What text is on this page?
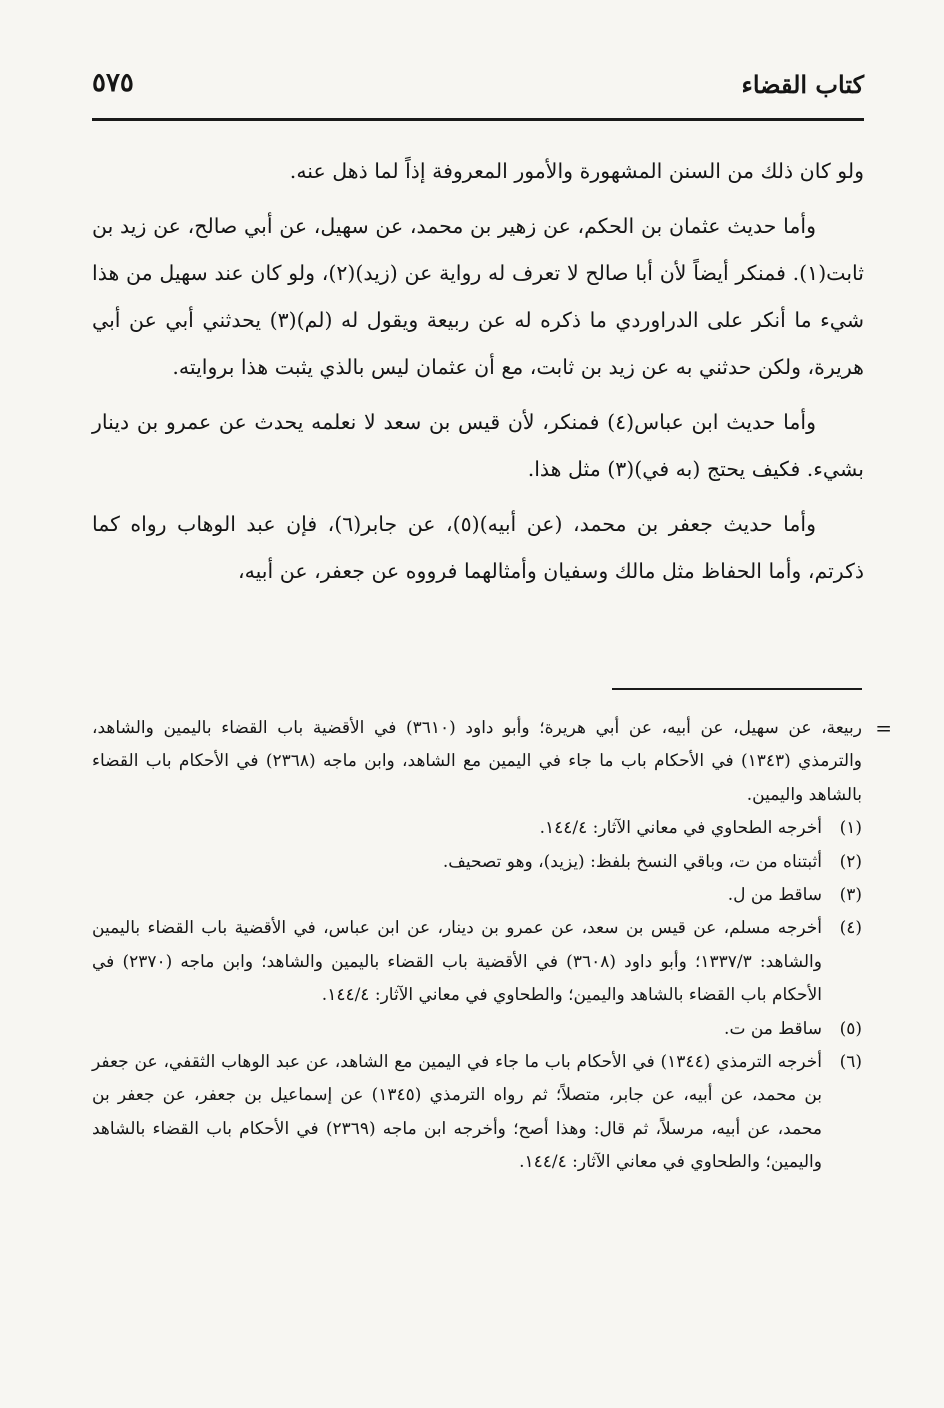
٥٧٥	كتاب القضاء

ولو كان ذلك من السنن المشهورة والأمور المعروفة إذاً لما ذهل عنه.

وأما حديث عثمان بن الحكم، عن زهير بن محمد، عن سهيل، عن أبي صالح، عن زيد بن ثابت(١). فمنكر أيضاً لأن أبا صالح لا تعرف له رواية عن (زيد)(٢)، ولو كان عند سهيل من هذا شيء ما أنكر على الدراوردي ما ذكره له عن ربيعة ويقول له (لم)(٣) يحدثني أبي عن أبي هريرة، ولكن حدثني به عن زيد بن ثابت، مع أن عثمان ليس بالذي يثبت هذا بروايته.

وأما حديث ابن عباس(٤) فمنكر، لأن قيس بن سعد لا نعلمه يحدث عن عمرو بن دينار بشيء. فكيف يحتج (به في)(٣) مثل هذا.

وأما حديث جعفر بن محمد، (عن أبيه)(٥)، عن جابر(٦)، فإن عبد الوهاب رواه كما ذكرتم، وأما الحفاظ مثل مالك وسفيان وأمثالهما فرووه عن جعفر، عن أبيه،

=

ربيعة، عن سهيل، عن أبيه، عن أبي هريرة؛ وأبو داود (٣٦١٠) في الأقضية باب القضاء باليمين والشاهد، والترمذي (١٣٤٣) في الأحكام باب ما جاء في اليمين مع الشاهد، وابن ماجه (٢٣٦٨) في الأحكام باب القضاء بالشاهد واليمين.

(١)

أخرجه الطحاوي في معاني الآثار: ١٤٤/٤.

(٢)

أثبتناه من ت، وباقي النسخ بلفظ: (يزيد)، وهو تصحيف.

(٣)

ساقط من ل.

(٤)

أخرجه مسلم، عن قيس بن سعد، عن عمرو بن دينار، عن ابن عباس، في الأقضية باب القضاء باليمين والشاهد: ١٣٣٧/٣؛ وأبو داود (٣٦٠٨) في الأقضية باب القضاء باليمين والشاهد؛ وابن ماجه (٢٣٧٠) في الأحكام باب القضاء بالشاهد واليمين؛ والطحاوي في معاني الآثار: ١٤٤/٤.

(٥)

ساقط من ت.

(٦)

أخرجه الترمذي (١٣٤٤) في الأحكام باب ما جاء في اليمين مع الشاهد، عن عبد الوهاب الثقفي، عن جعفر بن محمد، عن أبيه، عن جابر، متصلاً؛ ثم رواه الترمذي (١٣٤٥) عن إسماعيل بن جعفر، عن جعفر بن محمد، عن أبيه، مرسلاً، ثم قال: وهذا أصح؛ وأخرجه ابن ماجه (٢٣٦٩) في الأحكام باب القضاء بالشاهد واليمين؛ والطحاوي في معاني الآثار: ١٤٤/٤.
